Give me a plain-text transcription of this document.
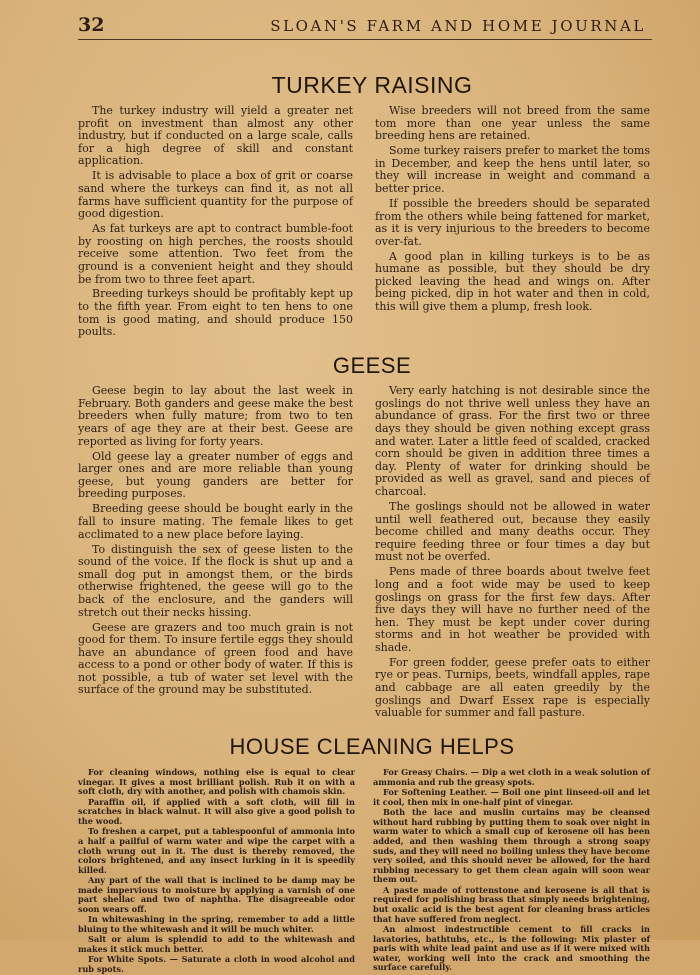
32	SLOAN'S FARM AND HOME JOURNAL
TURKEY RAISING

The turkey industry will yield a greater net profit on investment than almost any other industry, but if conducted on a large scale, calls for a high degree of skill and constant application.

It is advisable to place a box of grit or coarse sand where the turkeys can find it, as not all farms have sufficient quantity for the purpose of good digestion.

As fat turkeys are apt to contract bumble-foot by roosting on high perches, the roosts should receive some attention. Two feet from the ground is a convenient height and they should be from two to three feet apart.

Breeding turkeys should be profitably kept up to the fifth year. From eight to ten hens to one tom is good mating, and should produce 150 poults.

Wise breeders will not breed from the same tom more than one year unless the same breeding hens are retained.

Some turkey raisers prefer to market the toms in December, and keep the hens until later, so they will increase in weight and command a better price.

If possible the breeders should be separated from the others while being fattened for market, as it is very injurious to the breeders to become over-fat.

A good plan in killing turkeys is to be as humane as possible, but they should be dry picked leaving the head and wings on. After being picked, dip in hot water and then in cold, this will give them a plump, fresh look.

GEESE

Geese begin to lay about the last week in February. Both ganders and geese make the best breeders when fully mature; from two to ten years of age they are at their best. Geese are reported as living for forty years.

Old geese lay a greater number of eggs and larger ones and are more reliable than young geese, but young ganders are better for breeding purposes.

Breeding geese should be bought early in the fall to insure mating. The female likes to get acclimated to a new place before laying.

To distinguish the sex of geese listen to the sound of the voice. If the flock is shut up and a small dog put in amongst them, or the birds otherwise frightened, the geese will go to the back of the enclosure, and the ganders will stretch out their necks hissing.

Geese are grazers and too much grain is not good for them. To insure fertile eggs they should have an abundance of green food and have access to a pond or other body of water. If this is not possible, a tub of water set level with the surface of the ground may be substituted.

Very early hatching is not desirable since the goslings do not thrive well unless they have an abundance of grass. For the first two or three days they should be given nothing except grass and water. Later a little feed of scalded, cracked corn should be given in addition three times a day. Plenty of water for drinking should be provided as well as gravel, sand and pieces of charcoal.

The goslings should not be allowed in water until well feathered out, because they easily become chilled and many deaths occur. They require feeding three or four times a day but must not be overfed.

Pens made of three boards about twelve feet long and a foot wide may be used to keep goslings on grass for the first few days. After five days they will have no further need of the hen. They must be kept under cover during storms and in hot weather be provided with shade.

For green fodder, geese prefer oats to either rye or peas. Turnips, beets, windfall apples, rape and cabbage are all eaten greedily by the goslings and Dwarf Essex rape is especially valuable for summer and fall pasture.

HOUSE CLEANING HELPS

For cleaning windows, nothing else is equal to clear vinegar. It gives a most brilliant polish. Rub it on with a soft cloth, dry with another, and polish with chamois skin.

Paraffin oil, if applied with a soft cloth, will fill in scratches in black walnut. It will also give a good polish to the wood.

To freshen a carpet, put a tablespoonful of ammonia into a half a pailful of warm water and wipe the carpet with a cloth wrung out in it. The dust is thereby removed, the colors brightened, and any insect lurking in it is speedily killed.

Any part of the wall that is inclined to be damp may be made impervious to moisture by applying a varnish of one part shellac and two of naphtha. The disagreeable odor soon wears off.

In whitewashing in the spring, remember to add a little bluing to the whitewash and it will be much whiter.

Salt or alum is splendid to add to the whitewash and makes it stick much better.

For White Spots. — Saturate a cloth in wood alcohol and rub spots.

For Greasy Chairs. — Dip a wet cloth in a weak solution of ammonia and rub the greasy spots.

For Softening Leather. — Boil one pint linseed-oil and let it cool, then mix in one-half pint of vinegar.

Both the lace and muslin curtains may be cleansed without hard rubbing by putting them to soak over night in warm water to which a small cup of kerosene oil has been added, and then washing them through a strong soapy suds, and they will need no boiling unless they have become very soiled, and this should never be allowed, for the hard rubbing necessary to get them clean again will soon wear them out.

A paste made of rottenstone and kerosene is all that is required for polishing brass that simply needs brightening, but oxalic acid is the best agent for cleaning brass articles that have suffered from neglect.

An almost indestructible cement to fill cracks in lavatories, bathtubs, etc., is the following: Mix plaster of paris with white lead paint and use as if it were mixed with water, working well into the crack and smoothing the surface carefully.
